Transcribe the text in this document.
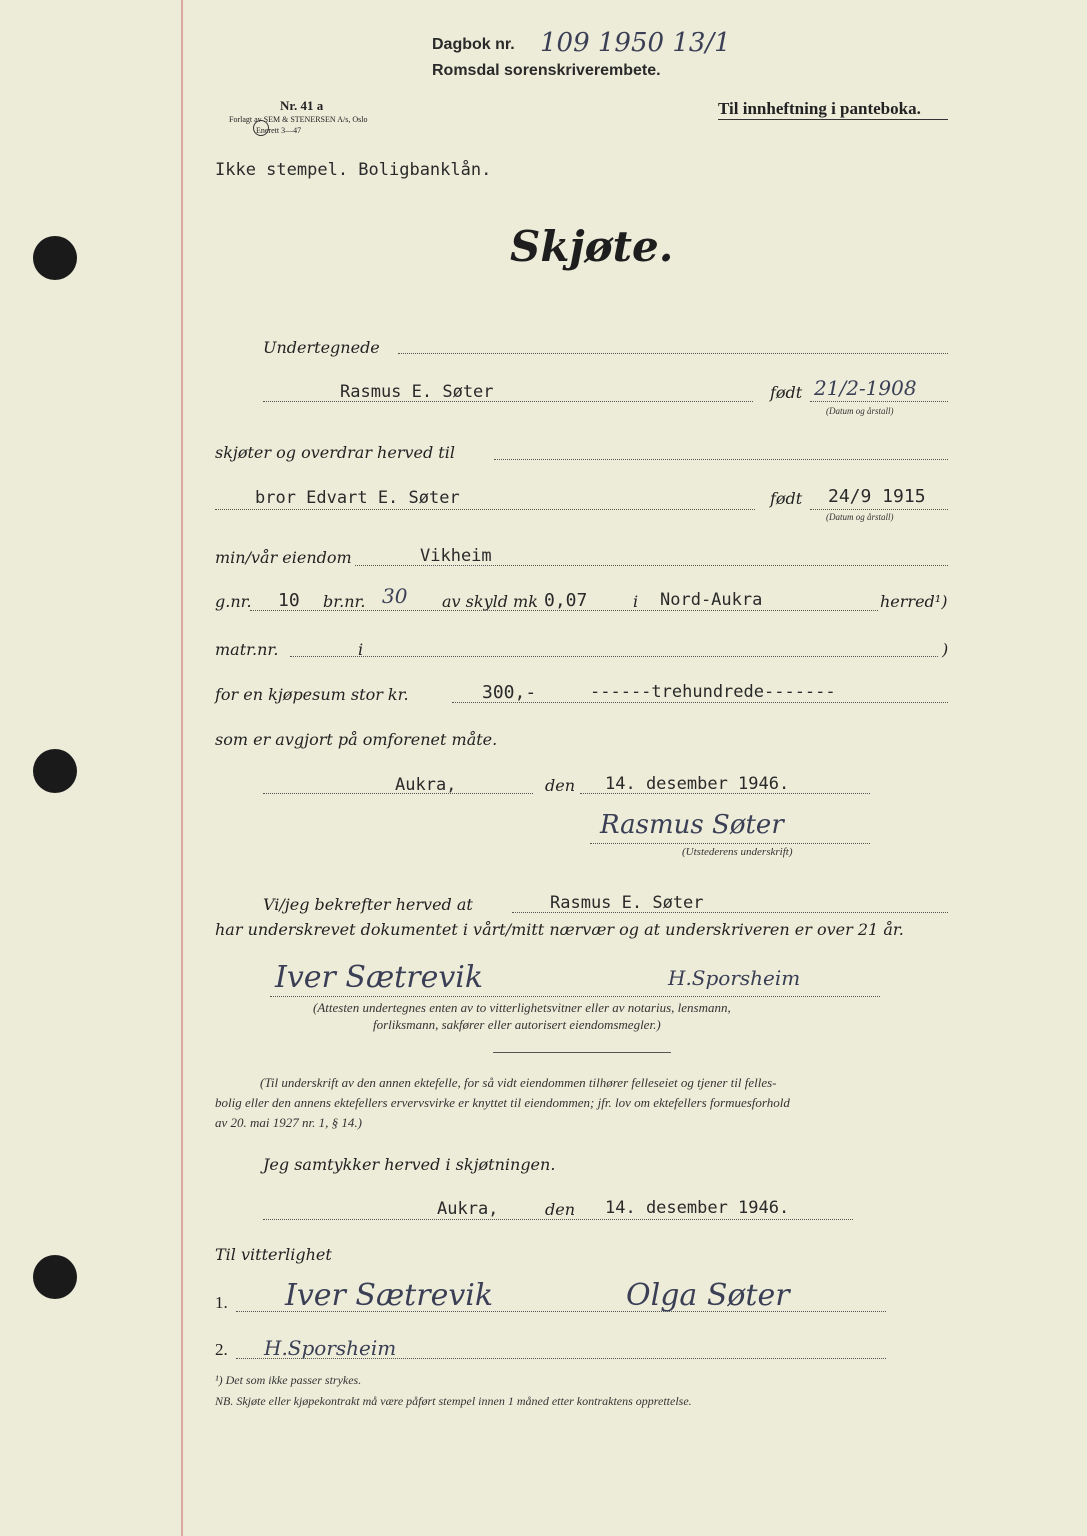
Dagbok nr. 109 1950 13/1
Romsdal sorenskriverembete.
Nr. 41 a
Forlagt av SEM & STENERSEN A/s, Oslo
Enerett 3—47
Til innheftning i panteboka.
Ikke stempel. Boligbanklån.
Skjøte.
Undertegnede
Rasmus E. Søter	født 21/2-1908
(Datum og årstall)
skjøter og overdrar herved til
bror Edvart E. Søter	født 24/9 1915
(Datum og årstall)
min/vår eiendom	Vikheim
g.nr. 10 br.nr. 30 av skyld mk 0,07	i Nord-Aukra	herred¹)
matr.nr.	i	)
for en kjøpesum stor kr.	300,-	------trehundrede-------
som er avgjort på omforenet måte.
Aukra,	den 14. desember 1946.
Rasmus Søter
(Utstederens underskrift)
Vi/jeg bekrefter herved at	Rasmus E. Søter
har underskrevet dokumentet i vårt/mitt nærvær og at underskriveren er over 21 år.
Iver Sætrevik	H.Sporsheim
(Attesten undertegnes enten av to vitterlighetsvitner eller av notarius, lensmann,
forliksmann, sakfører eller autorisert eiendomsmegler.)
(Til underskrift av den annen ektefelle, for så vidt eiendommen tilhører felleseiet og tjener til felles-
bolig eller den annens ektefellers ervervsvirke er knyttet til eiendommen; jfr. lov om ektefellers formuesforhold
av 20. mai 1927 nr. 1, § 14.)
Jeg samtykker herved i skjøtningen.
Aukra,	den 14. desember 1946.
Til vitterlighet
1. Iver Sætrevik	Olga Søter
2. H.Sporsheim
¹) Det som ikke passer strykes.
NB. Skjøte eller kjøpekontrakt må være påført stempel innen 1 måned etter kontraktens opprettelse.
